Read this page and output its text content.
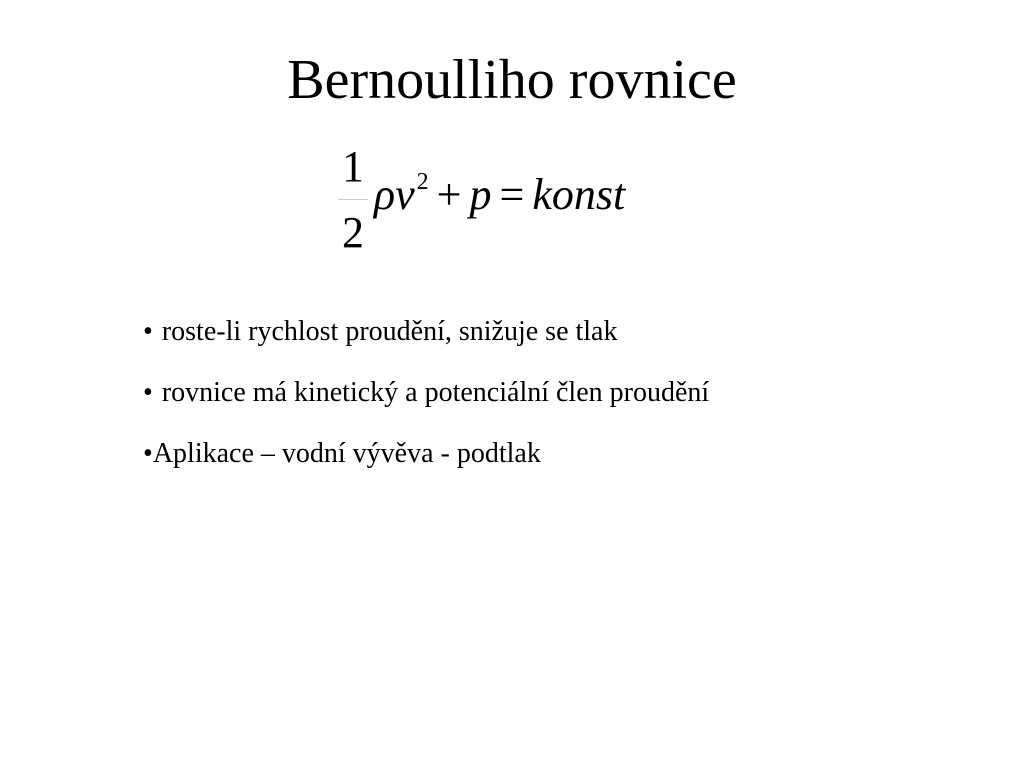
Bernoulliho rovnice
1
2
$\rho v^2 + p$ = konst
• roste-li rychlost proudění, snižuje se tlak
• rovnice má kinetický a potenciální člen proudění
•Aplikace – vodní vývěva - podtlak
